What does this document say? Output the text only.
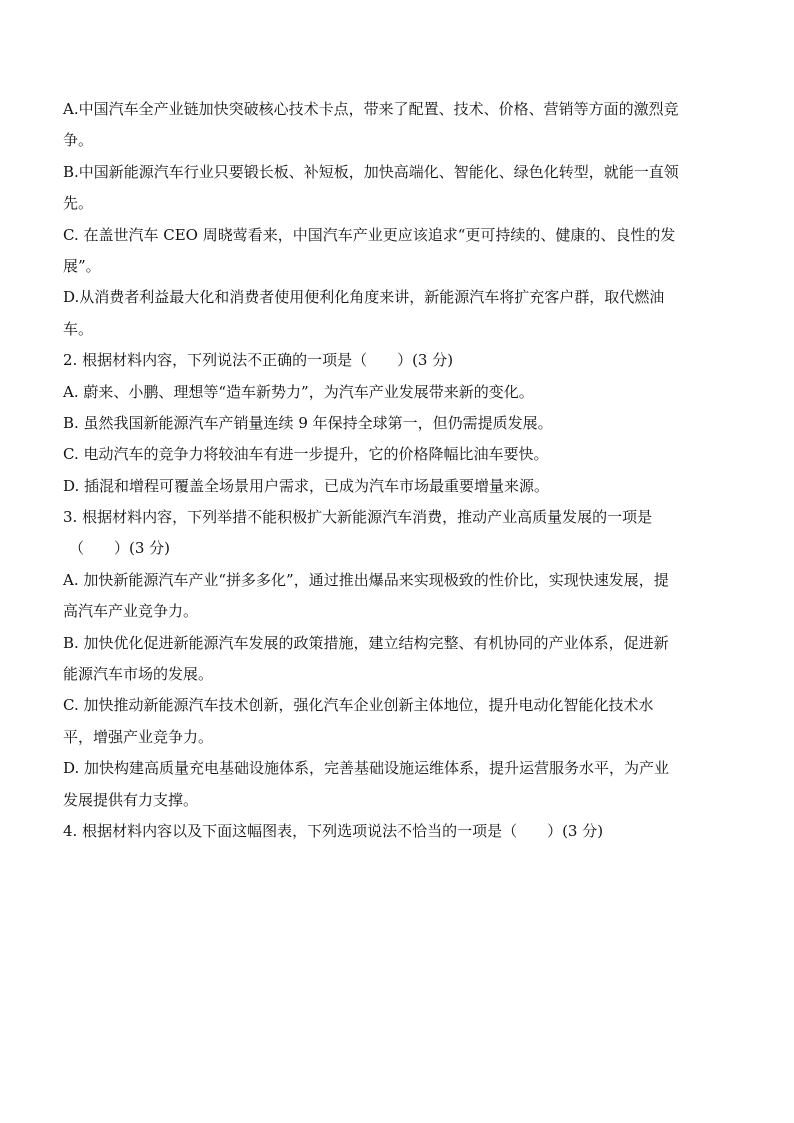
A.中国汽车全产业链加快突破核心技术卡点，带来了配置、技术、价格、营销等方面的激烈竞
争。
B.中国新能源汽车行业只要锻长板、补短板，加快高端化、智能化、绿色化转型，就能一直领
先。
C. 在盖世汽车 CEO 周晓莺看来，中国汽车产业更应该追求“更可持续的、健康的、良性的发
展”。
D.从消费者利益最大化和消费者使用便利化角度来讲，新能源汽车将扩充客户群，取代燃油
车。
2. 根据材料内容，下列说法不正确的一项是（　　）(3 分)
A. 蔚来、小鹏、理想等“造车新势力”，为汽车产业发展带来新的变化。
B. 虽然我国新能源汽车产销量连续 9 年保持全球第一，但仍需提质发展。
C. 电动汽车的竞争力将较油车有进一步提升，它的价格降幅比油车要快。
D. 插混和增程可覆盖全场景用户需求，已成为汽车市场最重要增量来源。
3. 根据材料内容，下列举措不能积极扩大新能源汽车消费，推动产业高质量发展的一项是
（　　）(3 分)
A. 加快新能源汽车产业“拼多多化”，通过推出爆品来实现极致的性价比，实现快速发展，提
高汽车产业竞争力。
B. 加快优化促进新能源汽车发展的政策措施，建立结构完整、有机协同的产业体系，促进新
能源汽车市场的发展。
C. 加快推动新能源汽车技术创新，强化汽车企业创新主体地位，提升电动化智能化技术水
平，增强产业竞争力。
D. 加快构建高质量充电基础设施体系，完善基础设施运维体系，提升运营服务水平，为产业
发展提供有力支撑。
4. 根据材料内容以及下面这幅图表，下列选项说法不恰当的一项是（　　）(3 分)
